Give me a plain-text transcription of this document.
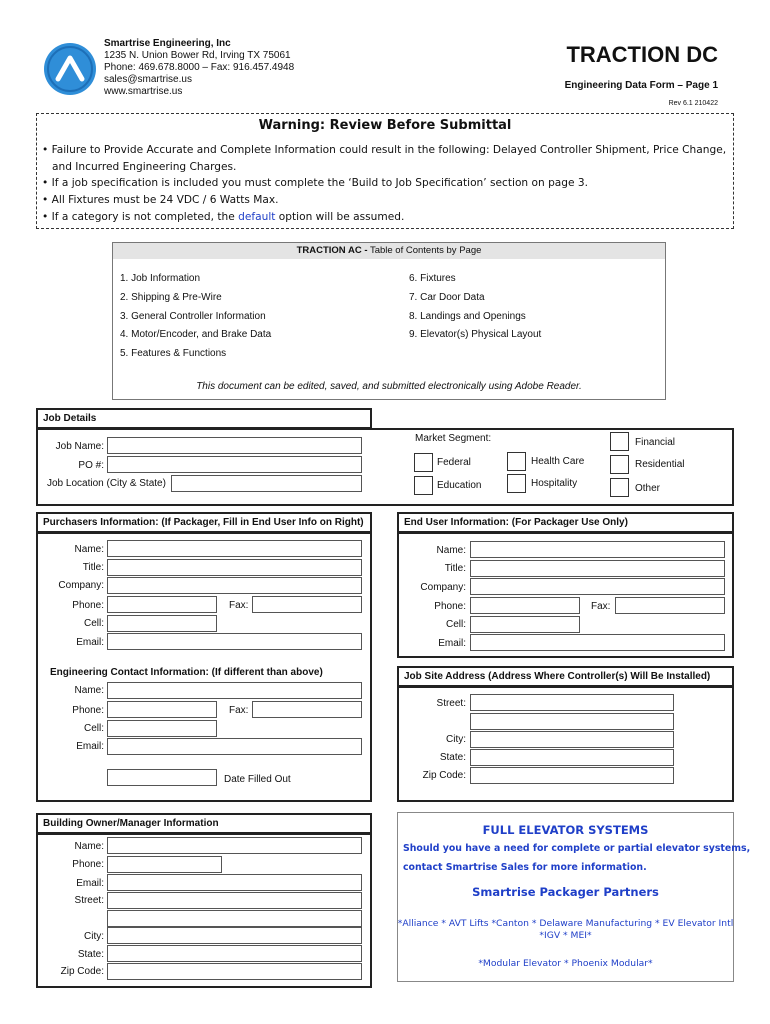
Smartrise Engineering, Inc
1235 N. Union Bower Rd, Irving TX 75061
Phone: 469.678.8000 – Fax: 916.457.4948
sales@smartrise.us
www.smartrise.us
TRACTION DC
Engineering Data Form – Page 1
Rev 6.1 210422
Warning: Review Before Submittal
• Failure to Provide Accurate and Complete Information could result in the following: Delayed Controller Shipment, Price Change,
and Incurred Engineering Charges.
• If a job specification is included you must complete the ‘Build to Job Specification’ section on page 3.
• All Fixtures must be 24 VDC / 6 Watts Max.
• If a category is not completed, the default option will be assumed.
TRACTION AC - Table of Contents by Page
1. Job Information
2. Shipping & Pre-Wire
3. General Controller Information
4. Motor/Encoder, and Brake Data
5. Features & Functions
6. Fixtures
7. Car Door Data
8. Landings and Openings
9. Elevator(s) Physical Layout
This document can be edited, saved, and submitted electronically using Adobe Reader.
Job Details
Job Name:
PO #:
Job Location (City & State)
Market Segment:	Financial
Federal	Health Care	Residential
Education	Hospitality	Other
Purchasers Information: (If Packager, Fill in End User Info on Right)
Name:
Title:
Company:
Phone:	Fax:
Cell:
Email:
Engineering Contact Information: (If different than above)
Name:
Phone:	Fax:
Cell:
Email:
Date Filled Out
End User Information: (For Packager Use Only)
Name:
Title:
Company:
Phone:	Fax:
Cell:
Email:
Job Site Address (Address Where Controller(s) Will Be Installed)
Street:
City:
State:
Zip Code:
Building Owner/Manager Information
Name:
Phone:
Email:
Street:
City:
State:
Zip Code:
FULL ELEVATOR SYSTEMS
Should you have a need for complete or partial elevator systems,
contact Smartrise Sales for more information.
Smartrise Packager Partners
*Alliance * AVT Lifts *Canton * Delaware Manufacturing * EV Elevator Intl
*IGV * MEI*
*Modular Elevator * Phoenix Modular*
